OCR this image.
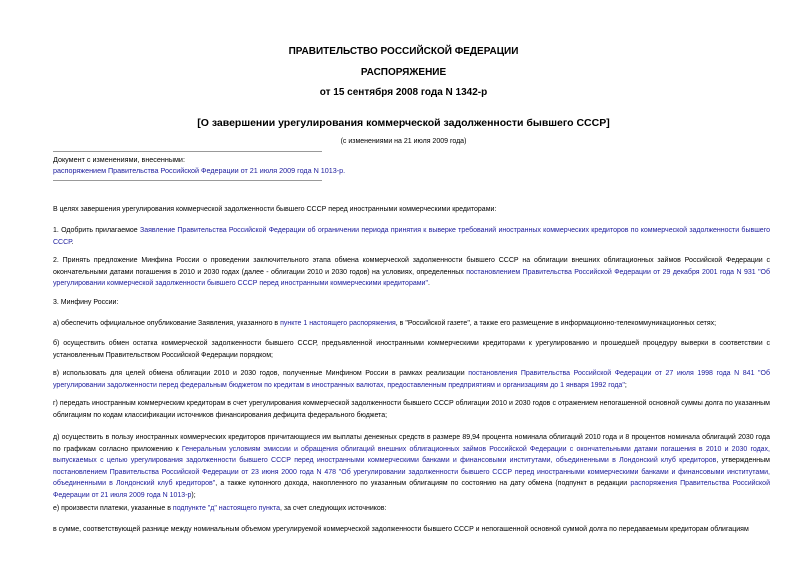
ПРАВИТЕЛЬСТВО РОССИЙСКОЙ ФЕДЕРАЦИИ
РАСПОРЯЖЕНИЕ
от 15 сентября 2008 года N 1342-р
[О завершении урегулирования коммерческой задолженности бывшего СССР]
(с изменениями на 21 июля 2009 года)
Документ с изменениями, внесенными:
распоряжением Правительства Российской Федерации от 21 июля 2009 года N 1013-р.
В целях завершения урегулирования коммерческой задолженности бывшего СССР перед иностранными коммерческими кредиторами:
1. Одобрить прилагаемое Заявление Правительства Российской Федерации об ограничении периода принятия к выверке требований иностранных коммерческих кредиторов по коммерческой задолженности бывшего СССР.
2. Принять предложение Минфина России о проведении заключительного этапа обмена коммерческой задолженности бывшего СССР на облигации внешних облигационных займов Российской Федерации с окончательными датами погашения в 2010 и 2030 годах (далее - облигации 2010 и 2030 годов) на условиях, определенных постановлением Правительства Российской Федерации от 29 декабря 2001 года N 931 "Об урегулировании коммерческой задолженности бывшего СССР перед иностранными коммерческими кредиторами".
3. Минфину России:
а) обеспечить официальное опубликование Заявления, указанного в пункте 1 настоящего распоряжения, в "Российской газете", а также его размещение в информационно-телекоммуникационных сетях;
б) осуществить обмен остатка коммерческой задолженности бывшего СССР, предъявленной иностранными коммерческими кредиторами к урегулированию и прошедшей процедуру выверки в соответствии с установленным Правительством Российской Федерации порядком;
в) использовать для целей обмена облигации 2010 и 2030 годов, полученные Минфином России в рамках реализации постановления Правительства Российской Федерации от 27 июля 1998 года N 841 "Об урегулировании задолженности перед федеральным бюджетом по кредитам в иностранных валютах, предоставленным предприятиям и организациям до 1 января 1992 года";
г) передать иностранным коммерческим кредиторам в счет урегулирования коммерческой задолженности бывшего СССР облигации 2010 и 2030 годов с отражением непогашенной основной суммы долга по указанным облигациям по кодам классификации источников финансирования дефицита федерального бюджета;
д) осуществить в пользу иностранных коммерческих кредиторов причитающиеся им выплаты денежных средств в размере 89,94 процента номинала облигаций 2010 года и 8 процентов номинала облигаций 2030 года по графикам согласно приложению к Генеральным условиям эмиссии и обращения облигаций внешних облигационных займов Российской Федерации с окончательными датами погашения в 2010 и 2030 годах, выпускаемых с целью урегулирования задолженности бывшего СССР перед иностранными коммерческими банками и финансовыми институтами, объединенными в Лондонский клуб кредиторов, утвержденным постановлением Правительства Российской Федерации от 23 июня 2000 года N 478 "Об урегулировании задолженности бывшего СССР перед иностранными коммерческими банками и финансовыми институтами, объединенными в Лондонский клуб кредиторов", а также купонного дохода, накопленного по указанным облигациям по состоянию на дату обмена (подпункт в редакции распоряжения Правительства Российской Федерации от 21 июля 2009 года N 1013-р);
е) произвести платежи, указанные в подпункте "д" настоящего пункта, за счет следующих источников:
в сумме, соответствующей разнице между номинальным объемом урегулируемой коммерческой задолженности бывшего СССР и непогашенной основной суммой долга по передаваемым кредиторам облигациям
